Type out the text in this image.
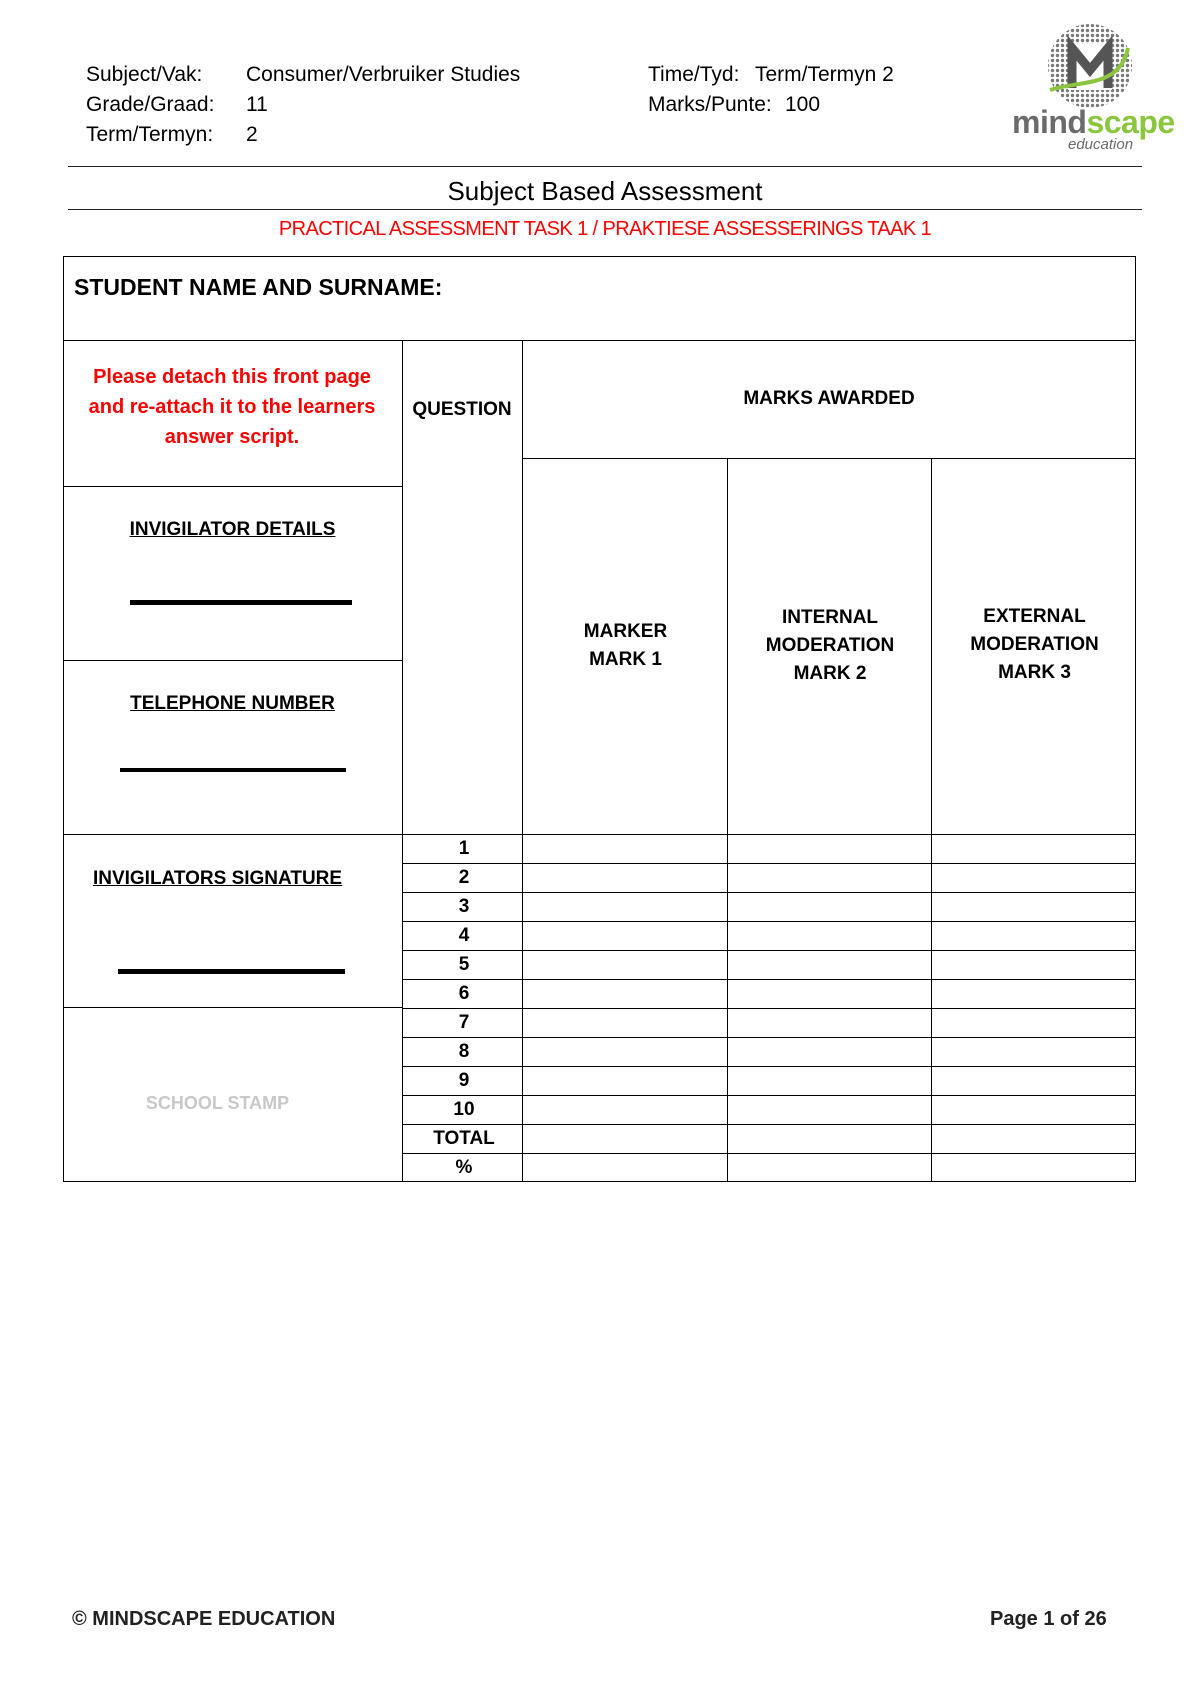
Subject/Vak: Consumer/Verbruiker Studies
Grade/Graad: 11
Term/Termyn: 2
Time/Tyd: Term/Termyn 2
Marks/Punte: 100	mindscape
education
Subject Based Assessment
PRACTICAL ASSESSMENT TASK 1 / PRAKTIESE ASSESSERINGS TAAK 1
STUDENT NAME AND SURNAME:
Please detach this front page and re-attach it to the learners answer script.
QUESTION
MARKS AWARDED
MARKER
MARK 1
INTERNAL
MODERATION
MARK 2
EXTERNAL
MODERATION
MARK 3
INVIGILATOR DETAILS
TELEPHONE NUMBER
INVIGILATORS SIGNATURE
SCHOOL STAMP
1
2
3
4
5
6
7
8
9
10
TOTAL
%
© MINDSCAPE EDUCATION	Page 1 of 26
